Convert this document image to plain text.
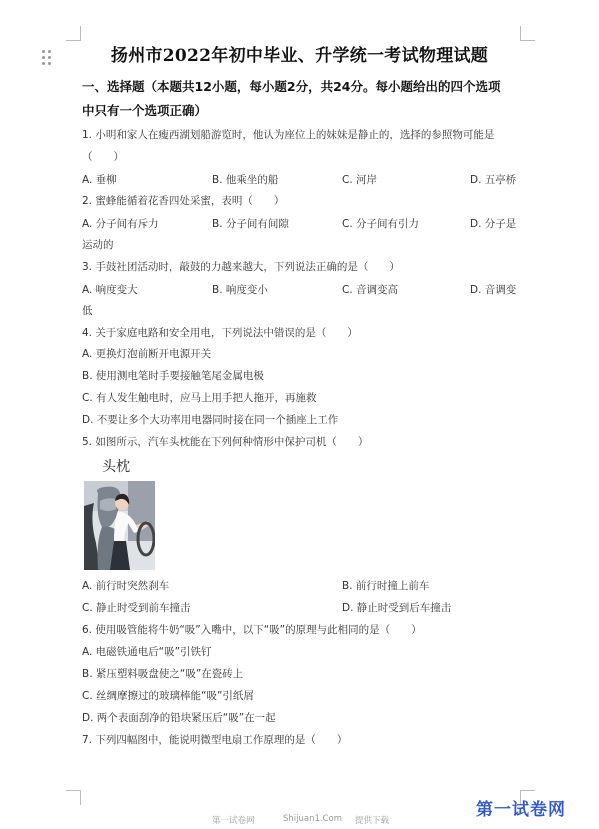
扬州市2022年初中毕业、升学统一考试物理试题
一、选择题（本题共12小题，每小题2分，共24分。每小题给出的四个选项
中只有一个选项正确）
1. 小明和家人在瘦西湖划船游览时，他认为座位上的妹妹是静止的，选择的参照物可能是
（　　）
A. 垂柳	B. 他乘坐的船	C. 河岸	D. 五亭桥
2. 蜜蜂能循着花香四处采蜜，表明（　　）
A. 分子间有斥力	B. 分子间有间隙	C. 分子间有引力	D. 分子是
运动的
3. 手鼓社团活动时，敲鼓的力越来越大，下列说法正确的是（　　）
A. 响度变大	B. 响度变小	C. 音调变高	D. 音调变
低
4. 关于家庭电路和安全用电，下列说法中错误的是（　　）
A. 更换灯泡前断开电源开关
B. 使用测电笔时手要接触笔尾金属电极
C. 有人发生触电时，应马上用手把人拖开，再施救
D. 不要让多个大功率用电器同时接在同一个插座上工作
5. 如图所示，汽车头枕能在下列何种情形中保护司机（　　）
头枕
A. 前行时突然刹车	B. 前行时撞上前车
C. 静止时受到前车撞击	D. 静止时受到后车撞击
6. 使用吸管能将牛奶“吸”入嘴中，以下“吸”的原理与此相同的是（　　）
A. 电磁铁通电后“吸”引铁钉
B. 紧压塑料吸盘使之“吸”在瓷砖上
C. 丝绸摩擦过的玻璃棒能“吸”引纸屑
D. 两个表面刮净的铅块紧压后“吸”在一起
7. 下列四幅图中，能说明微型电扇工作原理的是（　　）
第一试卷网	Shijuan1.Com 提供下载
第一试卷网
